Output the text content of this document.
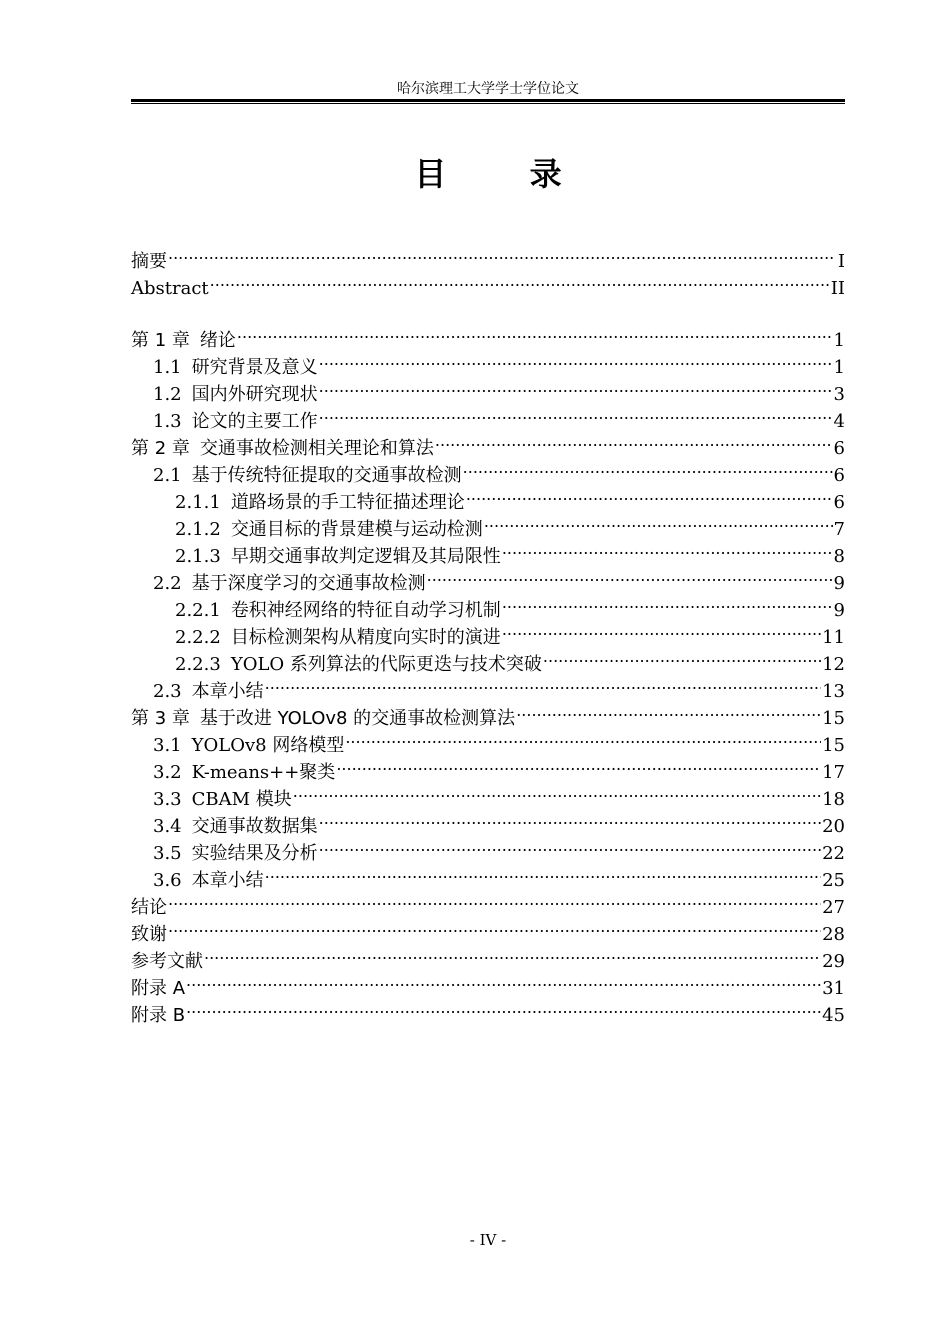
哈尔滨理工大学学士学位论文
目 录
摘要 .....	I
Abstract .....	II
第 1 章 绪论 .....	1
1.1 研究背景及意义 .....	1
1.2 国内外研究现状 .....	3
1.3 论文的主要工作 .....	4
第 2 章 交通事故检测相关理论和算法 .....	6
2.1 基于传统特征提取的交通事故检测 .....	6
2.1.1 道路场景的手工特征描述理论 .....	6
2.1.2 交通目标的背景建模与运动检测 .....	7
2.1.3 早期交通事故判定逻辑及其局限性 .....	8
2.2 基于深度学习的交通事故检测 .....	9
2.2.1 卷积神经网络的特征自动学习机制 .....	9
2.2.2 目标检测架构从精度向实时的演进 .....	11
2.2.3 YOLO 系列算法的代际更迭与技术突破 .....	12
2.3 本章小结 .....	13
第 3 章 基于改进 YOLOv8 的交通事故检测算法 .....	15
3.1 YOLOv8 网络模型 .....	15
3.2 K-means++聚类 .....	17
3.3 CBAM 模块 .....	18
3.4 交通事故数据集 .....	20
3.5 实验结果及分析 .....	22
3.6 本章小结 .....	25
结论 .....	27
致谢 .....	28
参考文献 .....	29
附录 A .....	31
附录 B .....	45
- IV -
